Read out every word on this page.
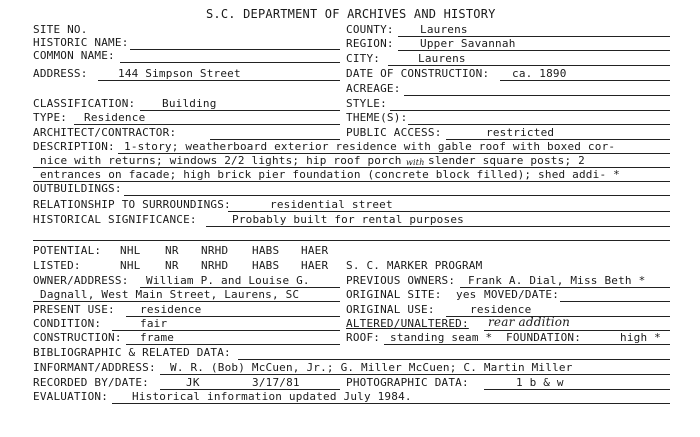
S.C. DEPARTMENT OF ARCHIVES AND HISTORY
SITE NO.
HISTORIC NAME:
COMMON NAME:
ADDRESS:	144 Simpson Street
CLASSIFICATION: Building
TYPE: Residence
ARCHITECT/CONTRACTOR:
COUNTY: Laurens
REGION: Upper Savannah
CITY:	Laurens
DATE OF CONSTRUCTION: ca. 1890
ACREAGE:
STYLE:
THEME(S):
PUBLIC ACCESS:	restricted
DESCRIPTION: 1-story; weatherboard exterior residence with gable roof with boxed cor-
nice with returns; windows 2/2 lights; hip roof porch with slender square posts; 2
entrances on facade; high brick pier foundation (concrete block filled); shed addi- *
OUTBUILDINGS:
RELATIONSHIP TO SURROUNDINGS:	residential street
HISTORICAL SIGNIFICANCE:	Probably built for rental purposes
POTENTIAL: NHL NR NRHD HABS HAER
LISTED:	NHL NR NRHD HABS HAER S. C. MARKER PROGRAM
OWNER/ADDRESS: William P. and Louise G.	PREVIOUS OWNERS: Frank A. Dial, Miss Beth *
Dagnall, West Main Street, Laurens, SC	ORIGINAL SITE: yes MOVED/DATE:
PRESENT USE: residence	ORIGINAL USE:	residence
CONDITION:	fair	ALTERED/UNALTERED: rear addition
CONSTRUCTION: frame	ROOF: standing seam * FOUNDATION:	high *
BIBLIOGRAPHIC & RELATED DATA:
INFORMANT/ADDRESS: W. R. (Bob) McCuen, Jr.; G. Miller McCuen; C. Martin Miller
RECORDED BY/DATE:	JK	3/17/81	PHOTOGRAPHIC DATA:	1 b & w
EVALUATION: Historical information updated July 1984.
